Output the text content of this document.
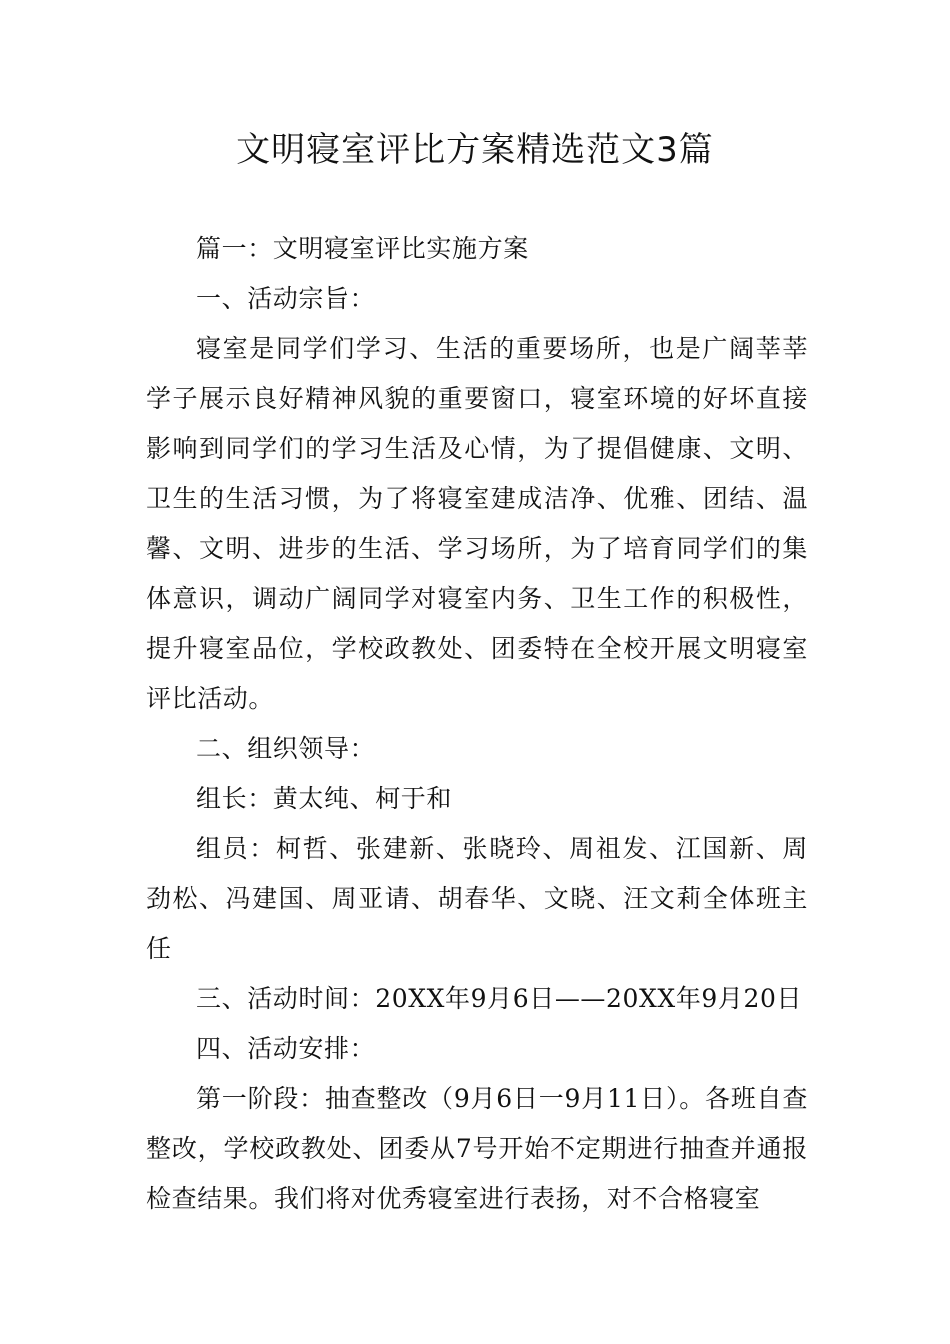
文明寝室评比方案精选范文3篇

篇一：文明寝室评比实施方案

一、活动宗旨：

寝室是同学们学习、生活的重要场所，也是广阔莘莘学子展示良好精神风貌的重要窗口，寝室环境的好坏直接影响到同学们的学习生活及心情，为了提倡健康、文明、卫生的生活习惯，为了将寝室建成洁净、优雅、团结、温馨、文明、进步的生活、学习场所，为了培育同学们的集体意识，调动广阔同学对寝室内务、卫生工作的积极性，提升寝室品位，学校政教处、团委特在全校开展文明寝室评比活动。

二、组织领导：

组长：黄太纯、柯于和

组员：柯哲、张建新、张晓玲、周祖发、江国新、周劲松、冯建国、周亚请、胡春华、文晓、汪文莉全体班主任

三、活动时间：20XX年9月6日——20XX年9月20日

四、活动安排：

第一阶段：抽查整改（9月6日一9月11日）。各班自查整改，学校政教处、团委从7号开始不定期进行抽查并通报检查结果。我们将对优秀寝室进行表扬，对不合格寝室
